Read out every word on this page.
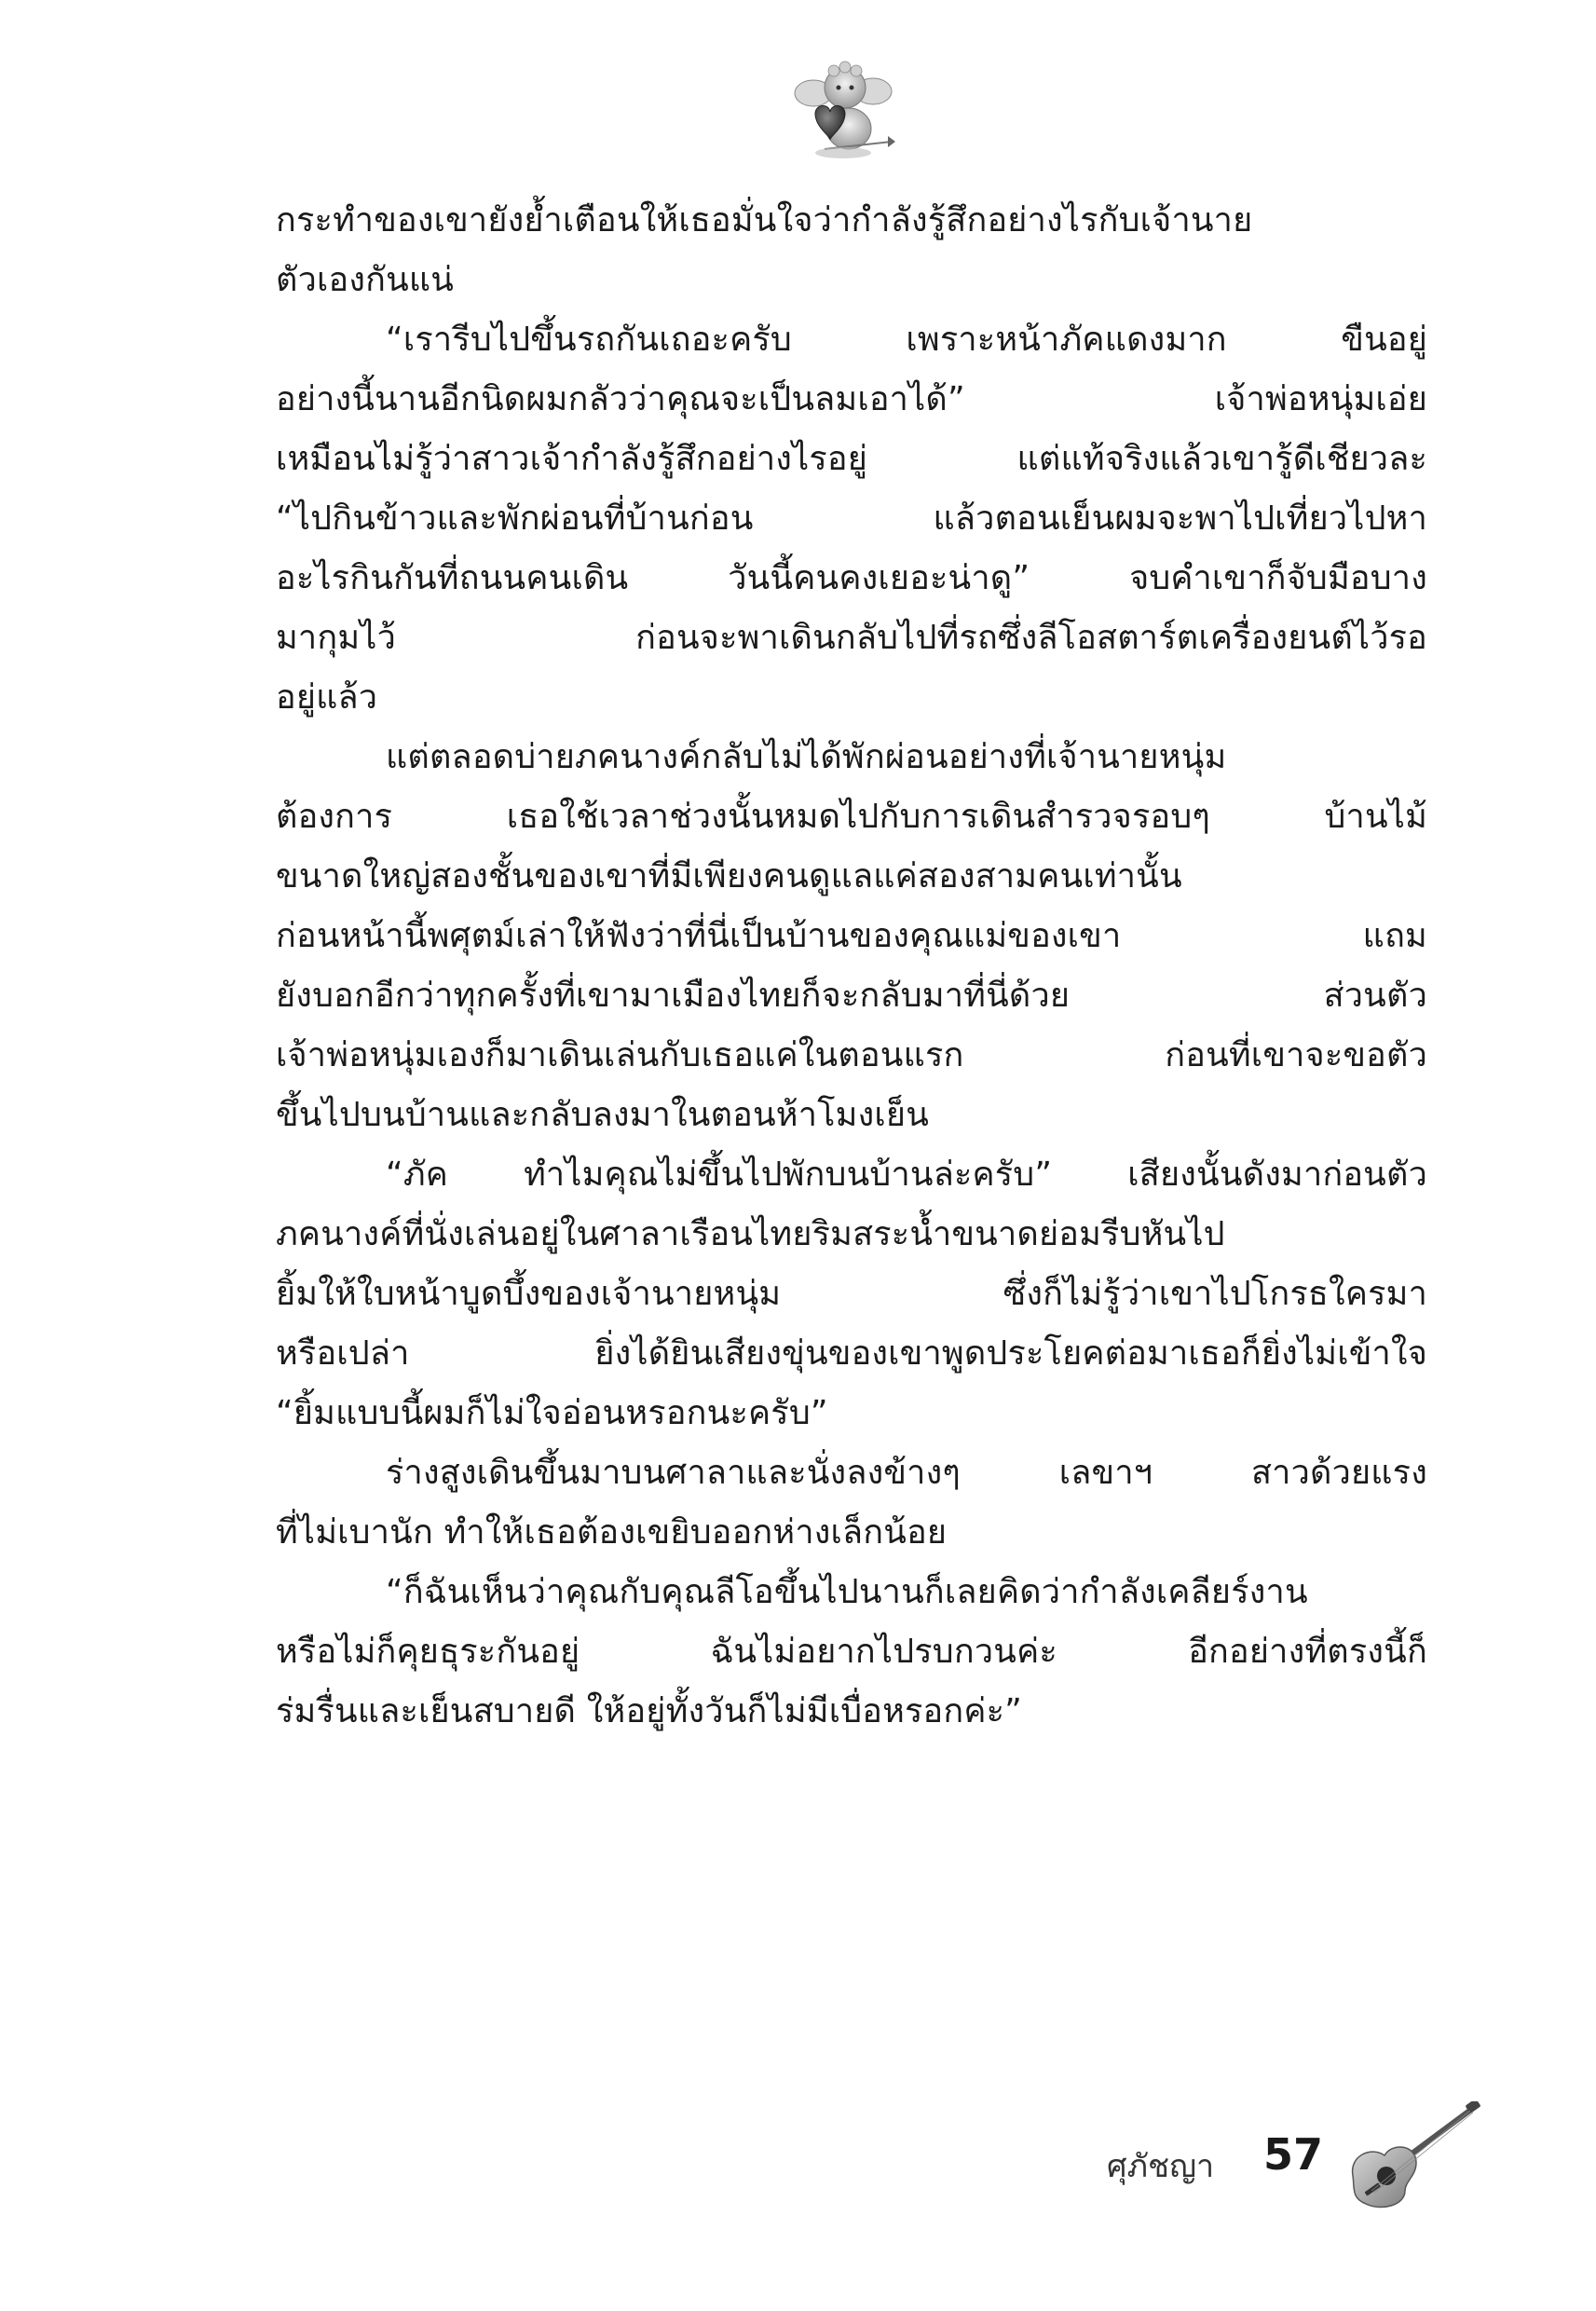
กระทำของเขายังย้ำเตือนให้เธอมั่นใจว่ากำลังรู้สึกอย่างไรกับเจ้านาย
ตัวเองกันแน่
“เรารีบไปขึ้นรถกันเถอะครับ เพราะหน้าภัคแดงมาก ขืนอยู่
อย่างนี้นานอีกนิดผมกลัวว่าคุณจะเป็นลมเอาได้” เจ้าพ่อหนุ่มเอ่ย
เหมือนไม่รู้ว่าสาวเจ้ากำลังรู้สึกอย่างไรอยู่ แต่แท้จริงแล้วเขารู้ดีเชียวละ
“ไปกินข้าวและพักผ่อนที่บ้านก่อน แล้วตอนเย็นผมจะพาไปเที่ยวไปหา
อะไรกินกันที่ถนนคนเดิน วันนี้คนคงเยอะน่าดู” จบคำเขาก็จับมือบาง
มากุมไว้ ก่อนจะพาเดินกลับไปที่รถซึ่งลีโอสตาร์ตเครื่องยนต์ไว้รอ
อยู่แล้ว
แต่ตลอดบ่ายภคนางค์กลับไม่ได้พักผ่อนอย่างที่เจ้านายหนุ่ม
ต้องการ เธอใช้เวลาช่วงนั้นหมดไปกับการเดินสำรวจรอบๆ บ้านไม้
ขนาดใหญ่สองชั้นของเขาที่มีเพียงคนดูแลแค่สองสามคนเท่านั้น
ก่อนหน้านี้พศุตม์เล่าให้ฟังว่าที่นี่เป็นบ้านของคุณแม่ของเขา แถม
ยังบอกอีกว่าทุกครั้งที่เขามาเมืองไทยก็จะกลับมาที่นี่ด้วย ส่วนตัว
เจ้าพ่อหนุ่มเองก็มาเดินเล่นกับเธอแค่ในตอนแรก ก่อนที่เขาจะขอตัว
ขึ้นไปบนบ้านและกลับลงมาในตอนห้าโมงเย็น
“ภัค ทำไมคุณไม่ขึ้นไปพักบนบ้านล่ะครับ” เสียงนั้นดังมาก่อนตัว
ภคนางค์ที่นั่งเล่นอยู่ในศาลาเรือนไทยริมสระน้ำขนาดย่อมรีบหันไป
ยิ้มให้ใบหน้าบูดบึ้งของเจ้านายหนุ่ม ซึ่งก็ไม่รู้ว่าเขาไปโกรธใครมา
หรือเปล่า ยิ่งได้ยินเสียงขุ่นของเขาพูดประโยคต่อมาเธอก็ยิ่งไม่เข้าใจ
“ยิ้มแบบนี้ผมก็ไม่ใจอ่อนหรอกนะครับ”
ร่างสูงเดินขึ้นมาบนศาลาและนั่งลงข้างๆ เลขาฯ สาวด้วยแรง
ที่ไม่เบานัก ทำให้เธอต้องเขยิบออกห่างเล็กน้อย
“ก็ฉันเห็นว่าคุณกับคุณลีโอขึ้นไปนานก็เลยคิดว่ากำลังเคลียร์งาน
หรือไม่ก็คุยธุระกันอยู่ ฉันไม่อยากไปรบกวนค่ะ อีกอย่างที่ตรงนี้ก็
ร่มรื่นและเย็นสบายดี ให้อยู่ทั้งวันก็ไม่มีเบื่อหรอกค่ะ”
ศุภัชญา 57
